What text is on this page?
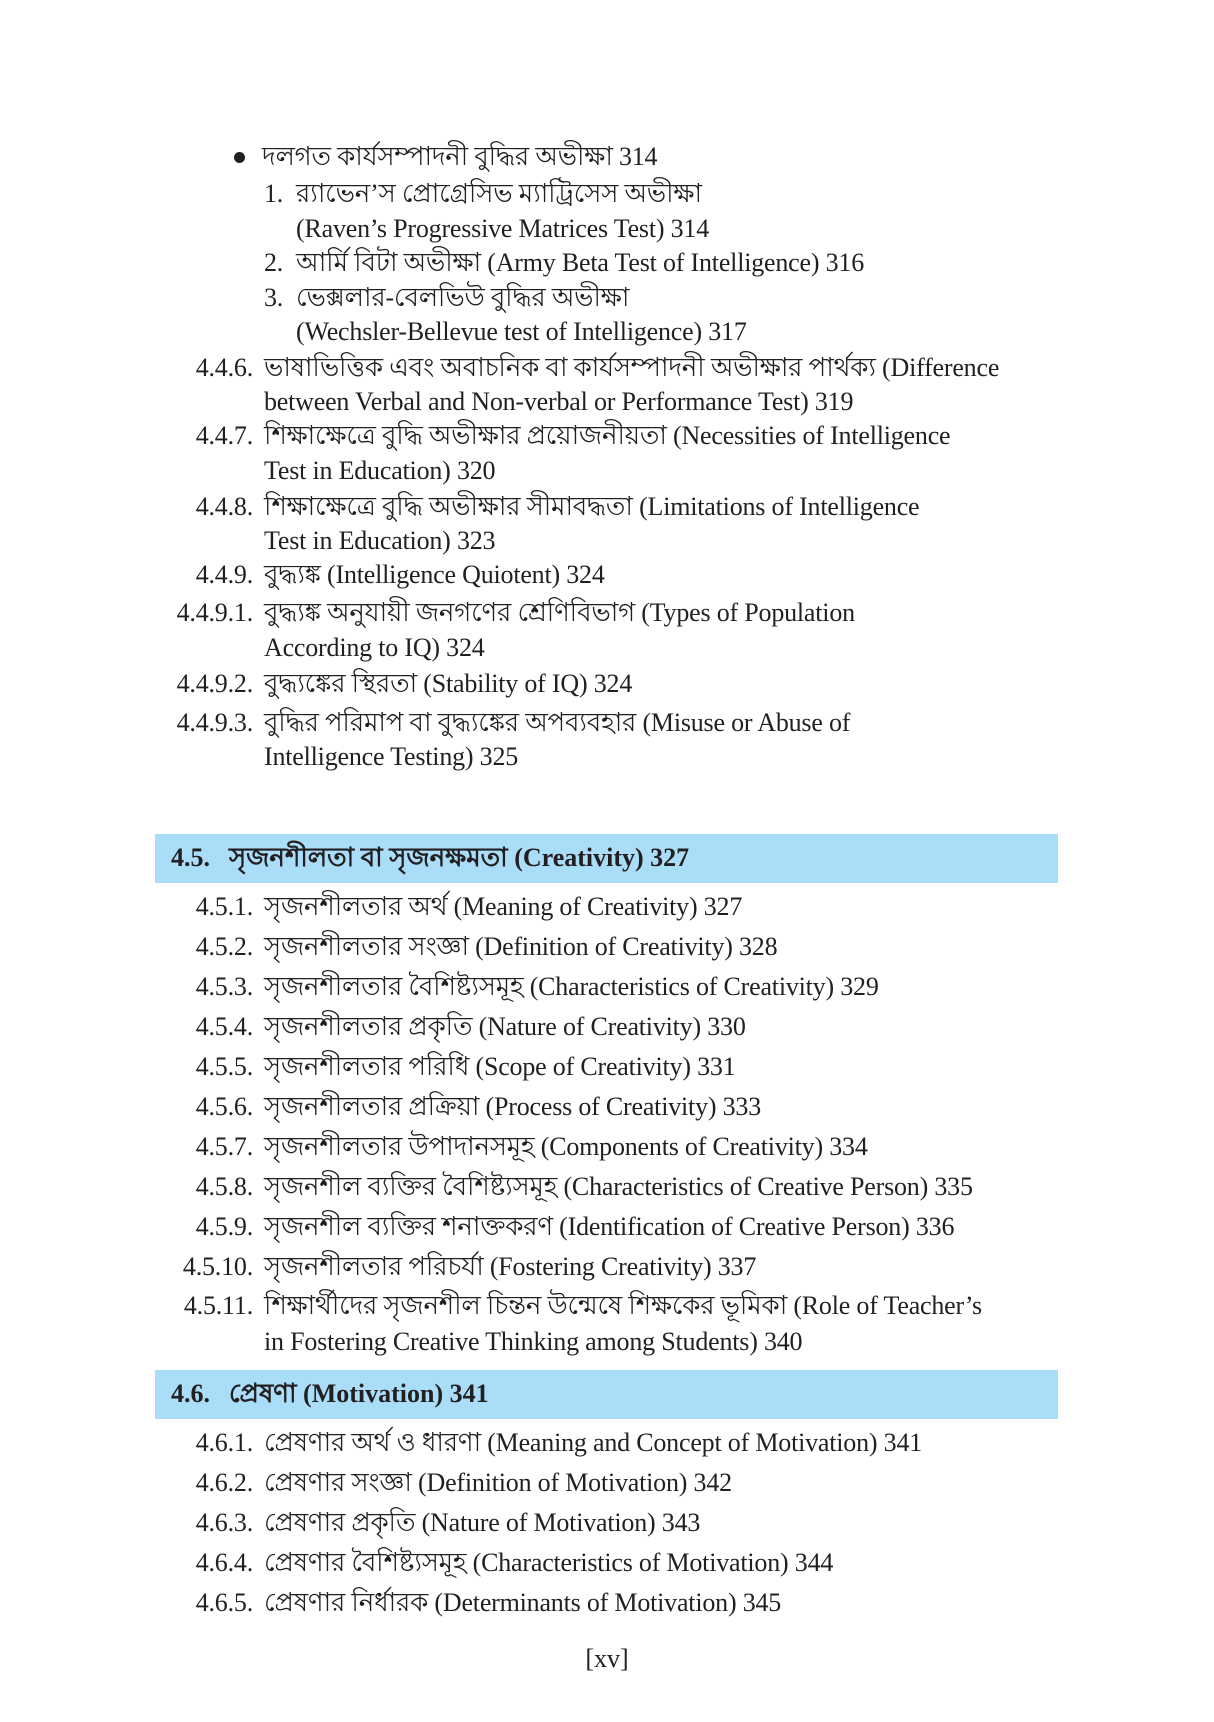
দলগত কার্যসম্পাদনী বুদ্ধির অভীক্ষা 314
1. র‌্যাভেন’স প্রোগ্রেসিভ ম্যাট্রিসেস অভীক্ষা
(Raven’s Progressive Matrices Test) 314
2. আর্মি বিটা অভীক্ষা (Army Beta Test of Intelligence) 316
3. ভেক্সলার-বেলভিউ বুদ্ধির অভীক্ষা
(Wechsler-Bellevue test of Intelligence) 317
4.4.6. ভাষাভিত্তিক এবং অবাচনিক বা কার্যসম্পাদনী অভীক্ষার পার্থক্য (Difference
between Verbal and Non-verbal or Performance Test) 319
4.4.7. শিক্ষাক্ষেত্রে বুদ্ধি অভীক্ষার প্রয়োজনীয়তা (Necessities of Intelligence
Test in Education) 320
4.4.8. শিক্ষাক্ষেত্রে বুদ্ধি অভীক্ষার সীমাবদ্ধতা (Limitations of Intelligence
Test in Education) 323
4.4.9. বুদ্ধ্যঙ্ক (Intelligence Quiotent) 324
4.4.9.1. বুদ্ধ্যঙ্ক অনুযায়ী জনগণের শ্রেণিবিভাগ (Types of Population
According to IQ) 324
4.4.9.2. বুদ্ধ্যঙ্কের স্থিরতা (Stability of IQ) 324
4.4.9.3. বুদ্ধির পরিমাপ বা বুদ্ধ্যঙ্কের অপব্যবহার (Misuse or Abuse of
Intelligence Testing) 325
4.5. সৃজনশীলতা বা সৃজনক্ষমতা (Creativity) 327
4.5.1. সৃজনশীলতার অর্থ (Meaning of Creativity) 327
4.5.2. সৃজনশীলতার সংজ্ঞা (Definition of Creativity) 328
4.5.3. সৃজনশীলতার বৈশিষ্ট্যসমূহ (Characteristics of Creativity) 329
4.5.4. সৃজনশীলতার প্রকৃতি (Nature of Creativity) 330
4.5.5. সৃজনশীলতার পরিধি (Scope of Creativity) 331
4.5.6. সৃজনশীলতার প্রক্রিয়া (Process of Creativity) 333
4.5.7. সৃজনশীলতার উপাদানসমূহ (Components of Creativity) 334
4.5.8. সৃজনশীল ব্যক্তির বৈশিষ্ট্যসমূহ (Characteristics of Creative Person) 335
4.5.9. সৃজনশীল ব্যক্তির শনাক্তকরণ (Identification of Creative Person) 336
4.5.10. সৃজনশীলতার পরিচর্যা (Fostering Creativity) 337
4.5.11. শিক্ষার্থীদের সৃজনশীল চিন্তন উন্মেষে শিক্ষকের ভূমিকা (Role of Teacher’s
in Fostering Creative Thinking among Students) 340
4.6. প্রেষণা (Motivation) 341
4.6.1. প্রেষণার অর্থ ও ধারণা (Meaning and Concept of Motivation) 341
4.6.2. প্রেষণার সংজ্ঞা (Definition of Motivation) 342
4.6.3. প্রেষণার প্রকৃতি (Nature of Motivation) 343
4.6.4. প্রেষণার বৈশিষ্ট্যসমূহ (Characteristics of Motivation) 344
4.6.5. প্রেষণার নির্ধারক (Determinants of Motivation) 345
[xv]
